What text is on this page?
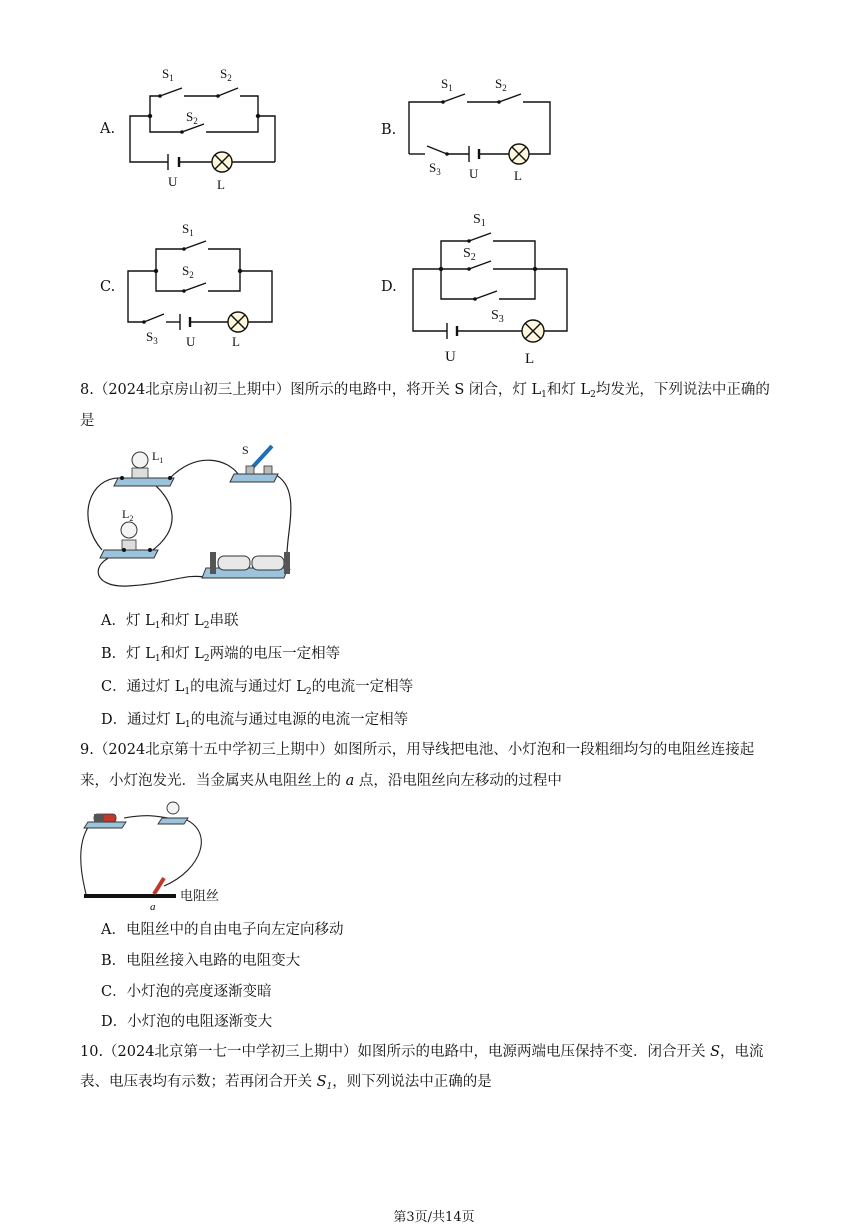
A.
$S_1$	$S_2$
$S_2$
U	L
B.
$S_1$	$S_2$
$S_3$ U	L
C.
$S_1$
$S_2$
$S_3$ U	L
D.
$S_1$
$S_2$
$S_3$
U	L
8.（2024北京房山初三上期中）图所示的电路中，将开关 S 闭合，灯 $L_1$和灯 $L_2$均发光，下列说法中正确的
是
$L_1$
$L_2$
S
A．灯 $L_1$和灯 $L_2$串联
B．灯 $L_1$和灯 $L_2$两端的电压一定相等
C．通过灯 $L_1$的电流与通过灯 $L_2$的电流一定相等
D．通过灯 $L_1$的电流与通过电源的电流一定相等
9.（2024北京第十五中学初三上期中）如图所示，用导线把电池、小灯泡和一段粗细均匀的电阻丝连接起
来，小灯泡发光．当金属夹从电阻丝上的 a 点，沿电阻丝向左移动的过程中
a
电阻丝
A．电阻丝中的自由电子向左定向移动
B．电阻丝接入电路的电阻变大
C．小灯泡的亮度逐渐变暗
D．小灯泡的电阻逐渐变大
10.（2024北京第一七一中学初三上期中）如图所示的电路中，电源两端电压保持不变．闭合开关 S，电流
表、电压表均有示数；若再闭合开关 $S_1$，则下列说法中正确的是
第3页/共14页
